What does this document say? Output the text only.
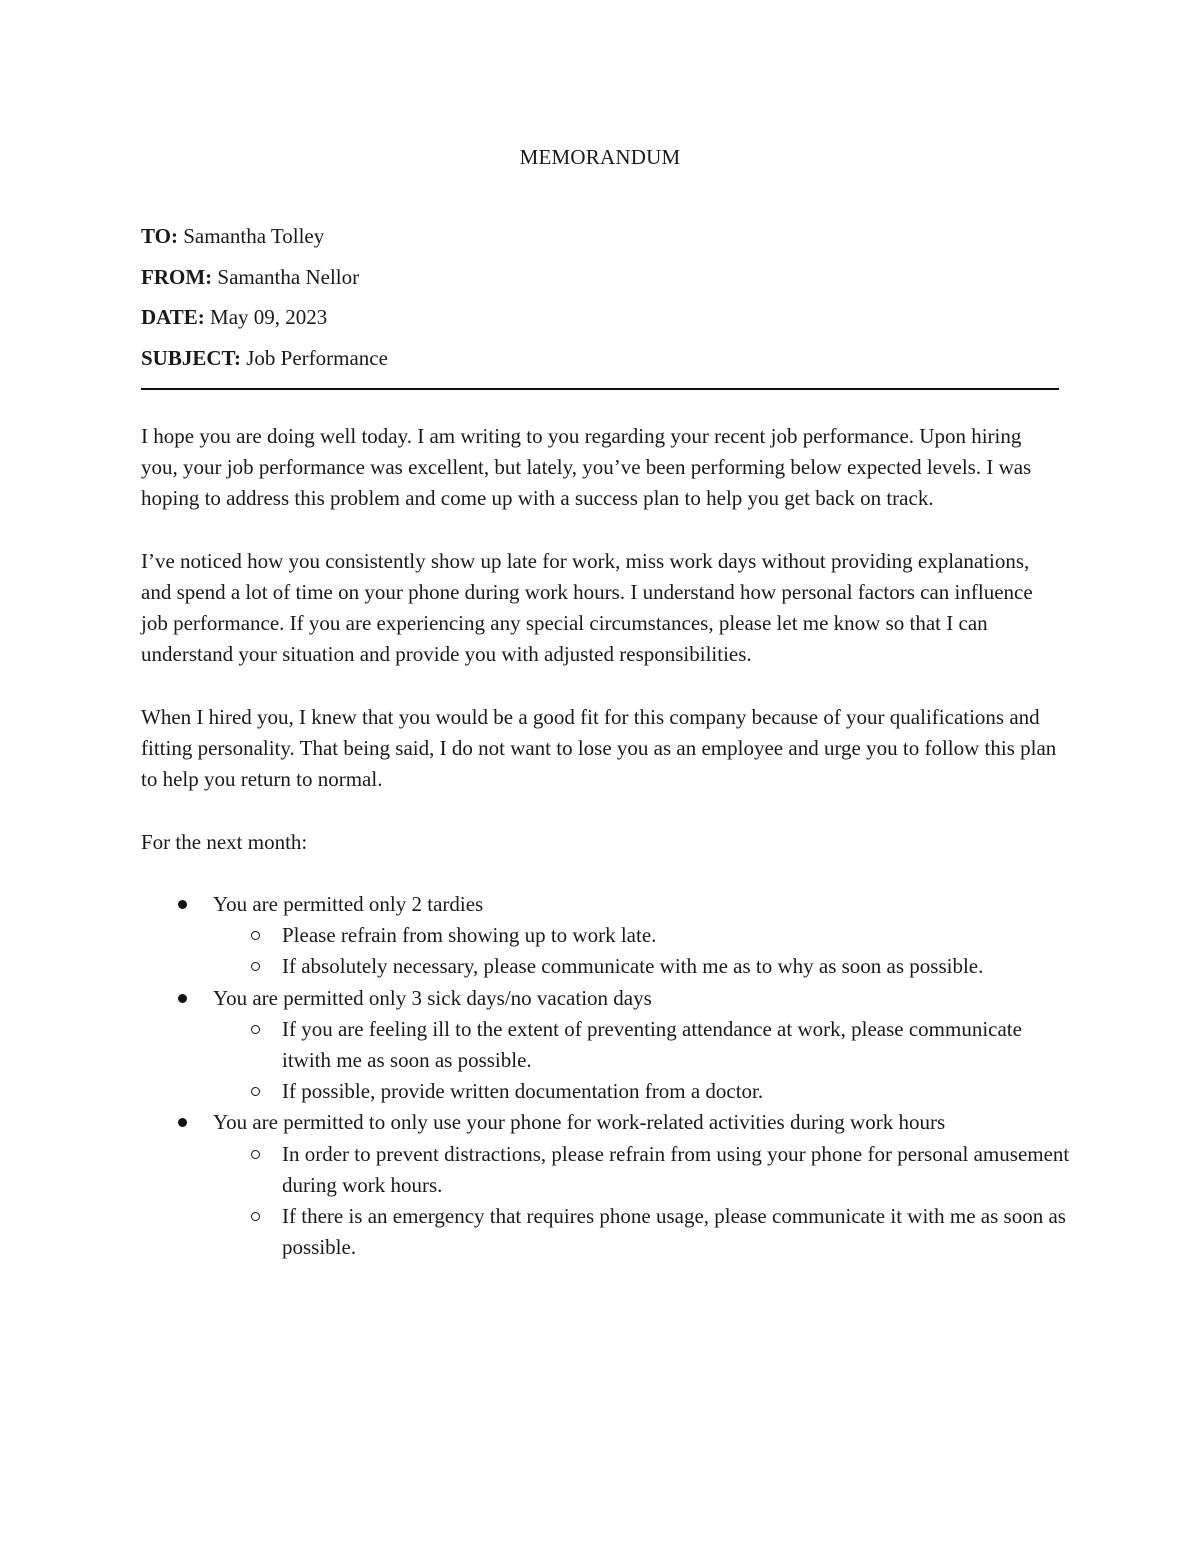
MEMORANDUM
TO: Samantha Tolley
FROM: Samantha Nellor
DATE: May 09, 2023
SUBJECT: Job Performance

I hope you are doing well today. I am writing to you regarding your recent job performance. Upon hiring you, your job performance was excellent, but lately, you’ve been performing below expected levels. I was hoping to address this problem and come up with a success plan to help you get back on track.

I’ve noticed how you consistently show up late for work, miss work days without providing explanations, and spend a lot of time on your phone during work hours. I understand how personal factors can influence job performance. If you are experiencing any special circumstances, please let me know so that I can understand your situation and provide you with adjusted responsibilities.

When I hired you, I knew that you would be a good fit for this company because of your qualifications and fitting personality. That being said, I do not want to lose you as an employee and urge you to follow this plan to help you return to normal.

For the next month:

You are permitted only 2 tardies
Please refrain from showing up to work late.
If absolutely necessary, please communicate with me as to why as soon as possible.
You are permitted only 3 sick days/no vacation days
If you are feeling ill to the extent of preventing attendance at work, please communicate itwith me as soon as possible.
If possible, provide written documentation from a doctor.
You are permitted to only use your phone for work-related activities during work hours
In order to prevent distractions, please refrain from using your phone for personal amusement during work hours.
If there is an emergency that requires phone usage, please communicate it with me as soon as possible.
